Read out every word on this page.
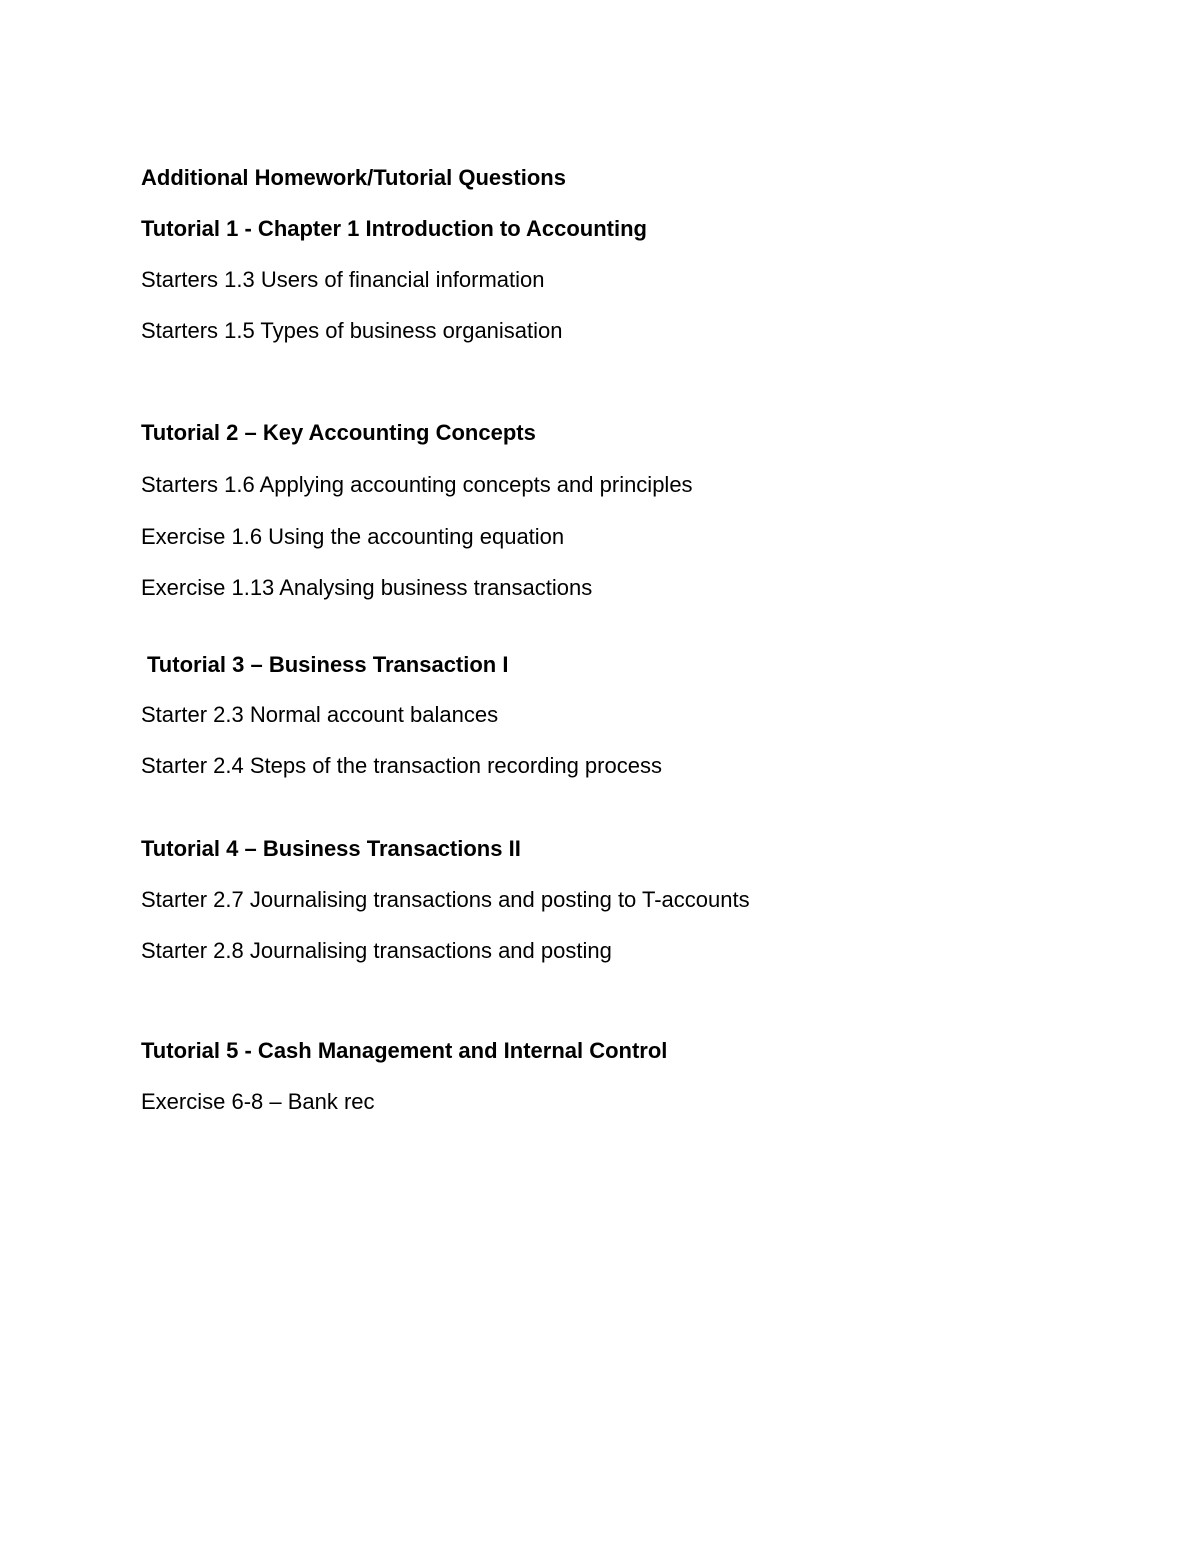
Additional Homework/Tutorial Questions
Tutorial 1 - Chapter 1 Introduction to Accounting
Starters 1.3 Users of financial information
Starters 1.5 Types of business organisation
Tutorial 2 – Key Accounting Concepts
Starters 1.6 Applying accounting concepts and principles
Exercise 1.6 Using the accounting equation
Exercise 1.13 Analysing business transactions
Tutorial 3 – Business Transaction I
Starter 2.3 Normal account balances
Starter 2.4 Steps of the transaction recording process
Tutorial 4 – Business Transactions II
Starter 2.7 Journalising transactions and posting to T-accounts
Starter 2.8 Journalising transactions and posting
Tutorial 5 - Cash Management and Internal Control
Exercise 6-8 – Bank rec
